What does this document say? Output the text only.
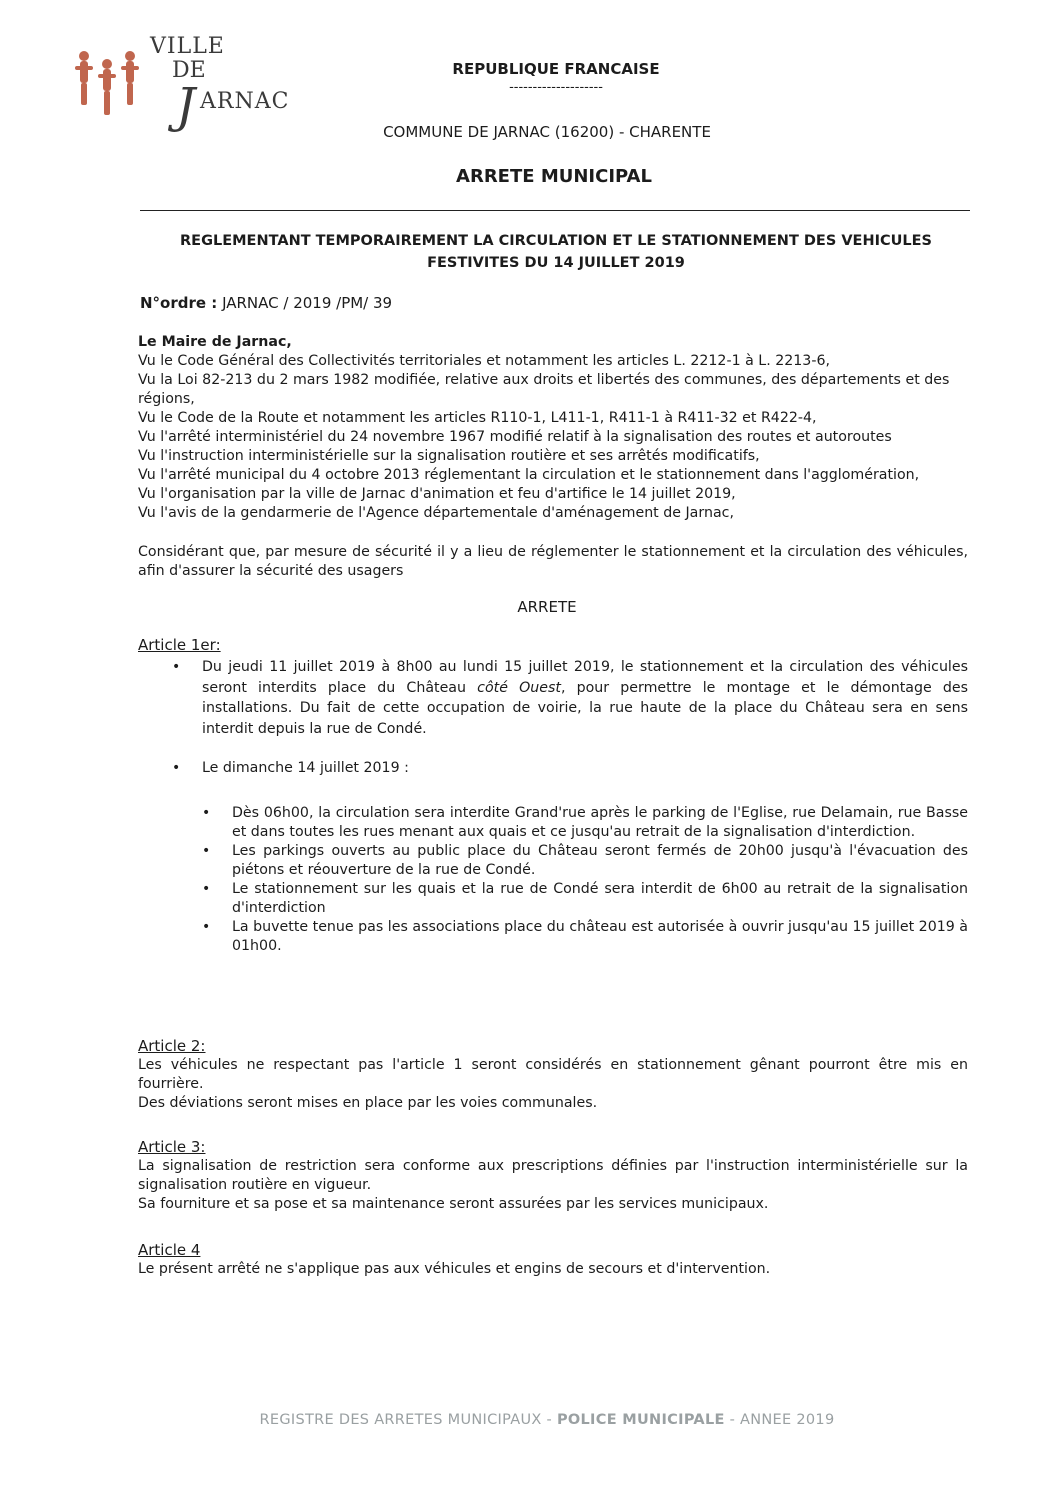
VILLE
DE
J ARNAC
REPUBLIQUE FRANCAISE
--------------------
COMMUNE DE JARNAC (16200) - CHARENTE
ARRETE MUNICIPAL
REGLEMENTANT TEMPORAIREMENT LA CIRCULATION ET LE STATIONNEMENT DES VEHICULES
FESTIVITES DU 14 JUILLET 2019
N°ordre : JARNAC / 2019 /PM/ 39

Le Maire de Jarnac,

Vu le Code Général des Collectivités territoriales et notamment les articles L. 2212-1 à L. 2213-6,

Vu la Loi 82-213 du 2 mars 1982 modifiée, relative aux droits et libertés des communes, des départements et des régions,

Vu le Code de la Route et notamment les articles R110-1, L411-1, R411-1 à R411-32 et R422-4,

Vu l'arrêté interministériel du 24 novembre 1967 modifié relatif à la signalisation des routes et autoroutes

Vu l'instruction interministérielle sur la signalisation routière et ses arrêtés modificatifs,

Vu l'arrêté municipal du 4 octobre 2013 réglementant la circulation et le stationnement dans l'agglomération,

Vu l'organisation par la ville de Jarnac d'animation et feu d'artifice le 14 juillet 2019,

Vu l'avis de la gendarmerie de l'Agence départementale d'aménagement de Jarnac,

Considérant que, par mesure de sécurité il y a lieu de réglementer le stationnement et la circulation des véhicules, afin d'assurer la sécurité des usagers
ARRETE
Article 1er:
• Du jeudi 11 juillet 2019 à 8h00 au lundi 15 juillet 2019, le stationnement et la circulation des véhicules seront interdits place du Château côté Ouest, pour permettre le montage et le démontage des installations. Du fait de cette occupation de voirie, la rue haute de la place du Château sera en sens interdit depuis la rue de Condé.
• Le dimanche 14 juillet 2019 :
• Dès 06h00, la circulation sera interdite Grand'rue après le parking de l'Eglise, rue Delamain, rue Basse et dans toutes les rues menant aux quais et ce jusqu'au retrait de la signalisation d'interdiction.
• Les parkings ouverts au public place du Château seront fermés de 20h00 jusqu'à l'évacuation des piétons et réouverture de la rue de Condé.
• Le stationnement sur les quais et la rue de Condé sera interdit de 6h00 au retrait de la signalisation d'interdiction
• La buvette tenue pas les associations place du château est autorisée à ouvrir jusqu'au 15 juillet 2019 à 01h00.
Article 2:
Les véhicules ne respectant pas l'article 1 seront considérés en stationnement gênant pourront être mis en fourrière.
Des déviations seront mises en place par les voies communales.
Article 3:
La signalisation de restriction sera conforme aux prescriptions définies par l'instruction interministérielle sur la signalisation routière en vigueur.
Sa fourniture et sa pose et sa maintenance seront assurées par les services municipaux.
Article 4
Le présent arrêté ne s'applique pas aux véhicules et engins de secours et d'intervention.
REGISTRE DES ARRETES MUNICIPAUX - POLICE MUNICIPALE - ANNEE 2019
